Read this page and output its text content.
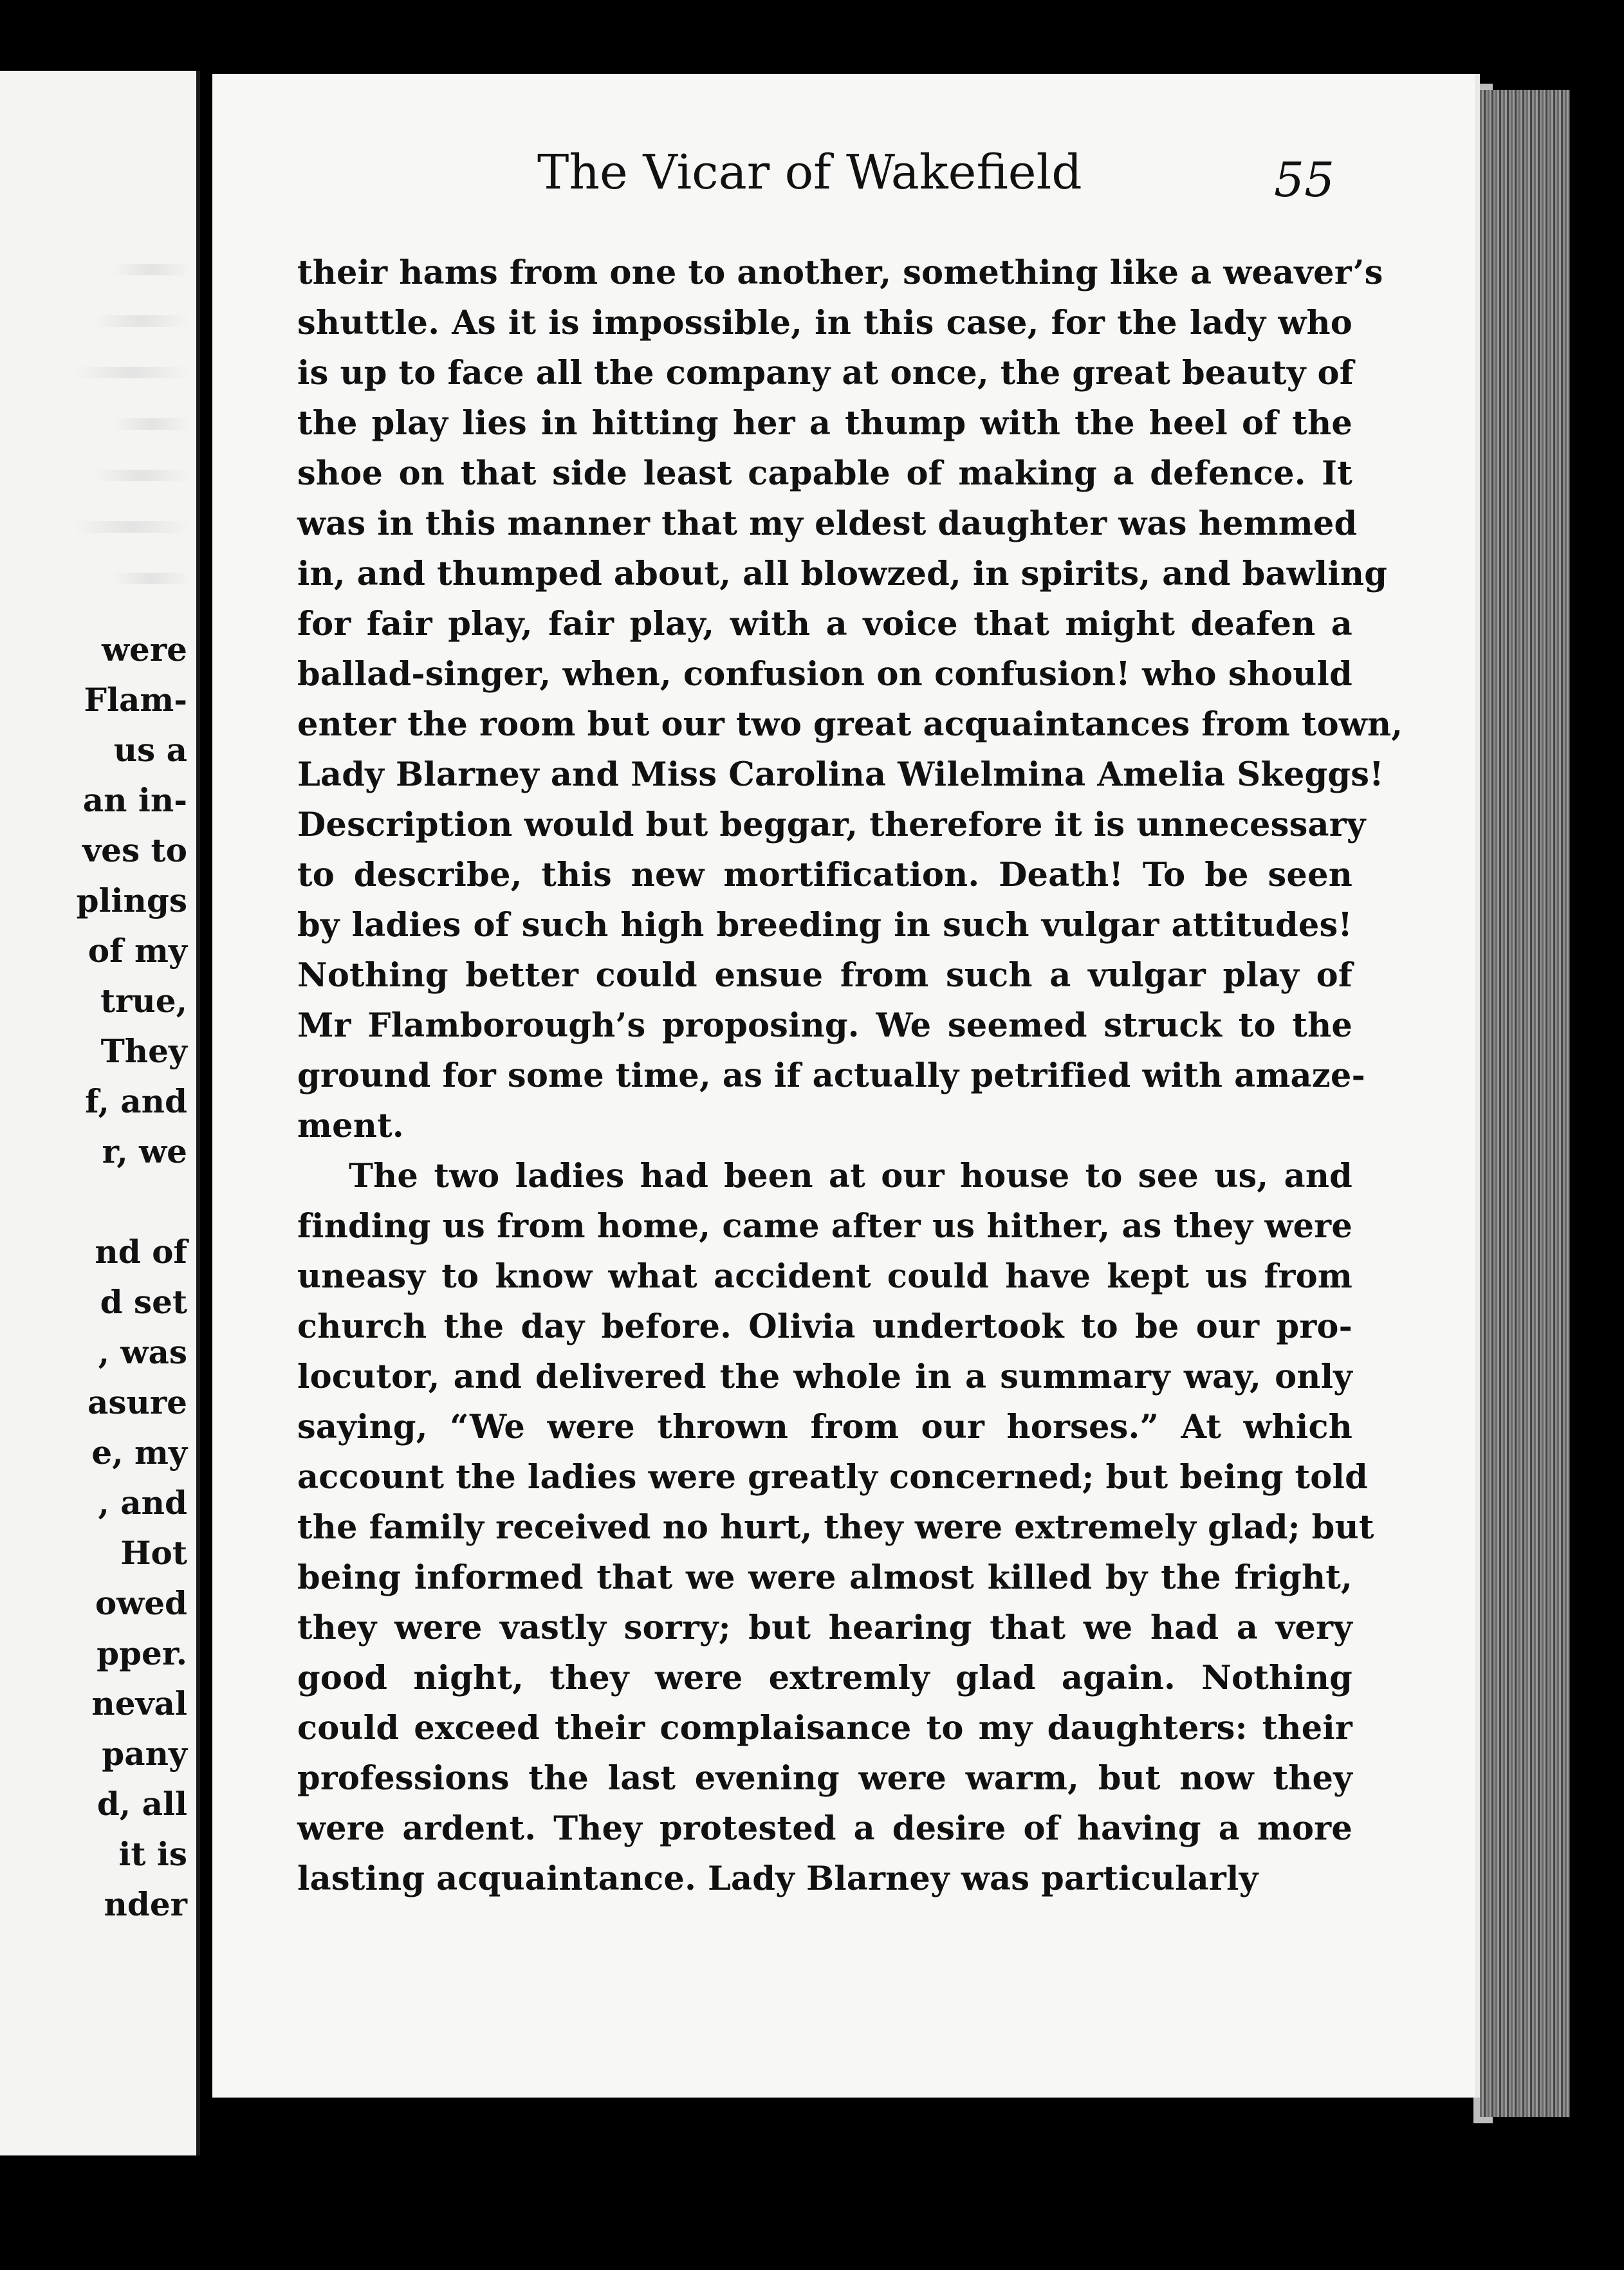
were
Flam-
us a
an in-
ves to
plings
of my
true,
They
f, and
r, we
nd of
d set
, was
asure
e, my
, and
Hot
owed
pper.
neval
pany
d, all
it is
nder
The Vicar of Wakefield	55
their hams from one to another, something like a weaver’s
shuttle. As it is impossible, in this case, for the lady who
is up to face all the company at once, the great beauty of
the play lies in hitting her a thump with the heel of the
shoe on that side least capable of making a defence. It
was in this manner that my eldest daughter was hemmed
in, and thumped about, all blowzed, in spirits, and bawling
for fair play, fair play, with a voice that might deafen a
ballad-singer, when, confusion on confusion! who should
enter the room but our two great acquaintances from town,
Lady Blarney and Miss Carolina Wilelmina Amelia Skeggs!
Description would but beggar, therefore it is unnecessary
to describe, this new mortification. Death! To be seen
by ladies of such high breeding in such vulgar attitudes!
Nothing better could ensue from such a vulgar play of
Mr Flamborough’s proposing. We seemed struck to the
ground for some time, as if actually petrified with amaze-
ment.
The two ladies had been at our house to see us, and
finding us from home, came after us hither, as they were
uneasy to know what accident could have kept us from
church the day before. Olivia undertook to be our pro-
locutor, and delivered the whole in a summary way, only
saying, “We were thrown from our horses.” At which
account the ladies were greatly concerned; but being told
the family received no hurt, they were extremely glad; but
being informed that we were almost killed by the fright,
they were vastly sorry; but hearing that we had a very
good night, they were extremly glad again. Nothing
could exceed their complaisance to my daughters: their
professions the last evening were warm, but now they
were ardent. They protested a desire of having a more
lasting acquaintance. Lady Blarney was particularly
